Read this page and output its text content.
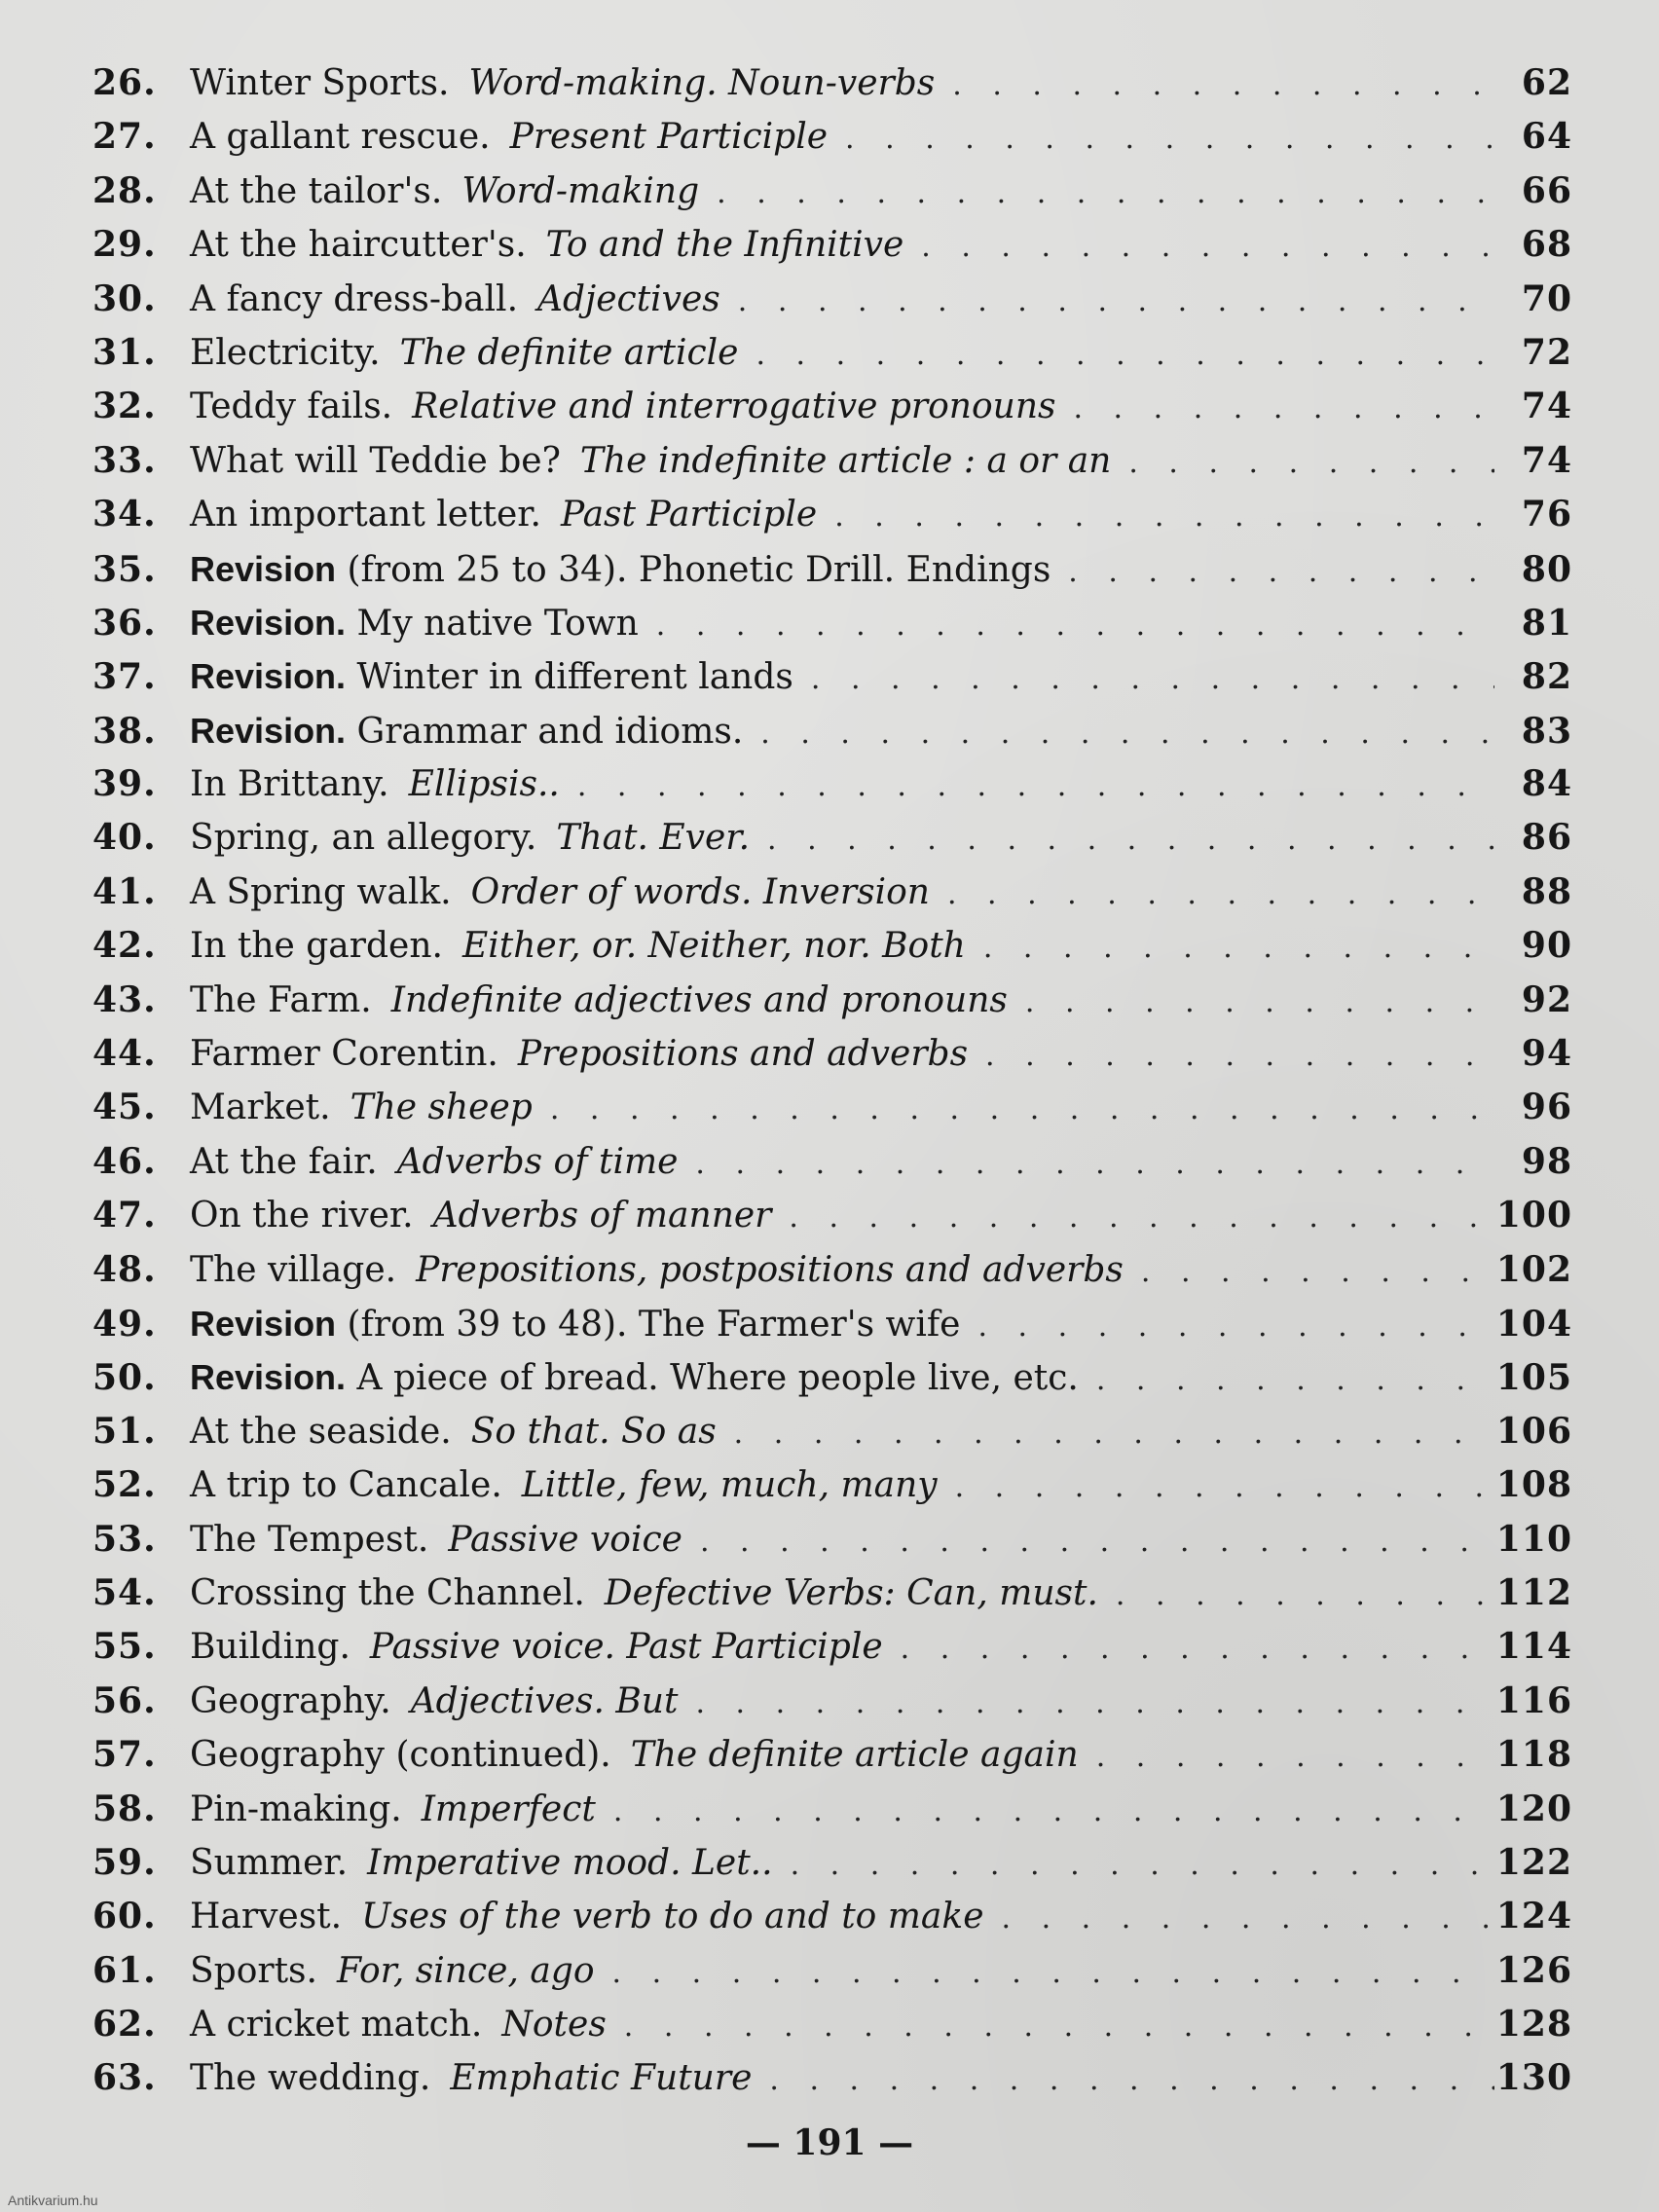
26. Winter Sports. Word-making. Noun-verbs . . .	62
27. A gallant rescue. Present Participle . . .	64
28. At the tailor's. Word-making . . .	66
29. At the haircutter's. To and the Infinitive . . .	68
30. A fancy dress-ball. Adjectives . . .	70
31. Electricity. The definite article . . .	72
32. Teddy fails. Relative and interrogative pronouns . . .	74
33. What will Teddie be? The indefinite article : a or an . . .	74
34. An important letter. Past Participle . . .	76
35. Revision (from 25 to 34). Phonetic Drill. Endings . . .	80
36. Revision. My native Town . . .	81
37. Revision. Winter in different lands . . .	82
38. Revision. Grammar and idioms. . . .	83
39. In Brittany. Ellipsis.. . . .	84
40. Spring, an allegory. That. Ever. . . .	86
41. A Spring walk. Order of words. Inversion . . .	88
42. In the garden. Either, or. Neither, nor. Both . . .	90
43. The Farm. Indefinite adjectives and pronouns . . .	92
44. Farmer Corentin. Prepositions and adverbs . . .	94
45. Market. The sheep . . .	96
46. At the fair. Adverbs of time . . .	98
47. On the river. Adverbs of manner . . .	100
48. The village. Prepositions, postpositions and adverbs . . .	102
49. Revision (from 39 to 48). The Farmer's wife . . .	104
50. Revision. A piece of bread. Where people live, etc. . . .	105
51. At the seaside. So that. So as . . .	106
52. A trip to Cancale. Little, few, much, many . . .	108
53. The Tempest. Passive voice . . .	110
54. Crossing the Channel. Defective Verbs: Can, must. . . .	112
55. Building. Passive voice. Past Participle . . .	114
56. Geography. Adjectives. But . . .	116
57. Geography (continued). The definite article again . . .	118
58. Pin-making. Imperfect . . .	120
59. Summer. Imperative mood. Let.. . . .	122
60. Harvest. Uses of the verb to do and to make . . .	124
61. Sports. For, since, ago . . .	126
62. A cricket match. Notes . . .	128
63. The wedding. Emphatic Future . . .	130
— 191 —
Antikvarium.hu
